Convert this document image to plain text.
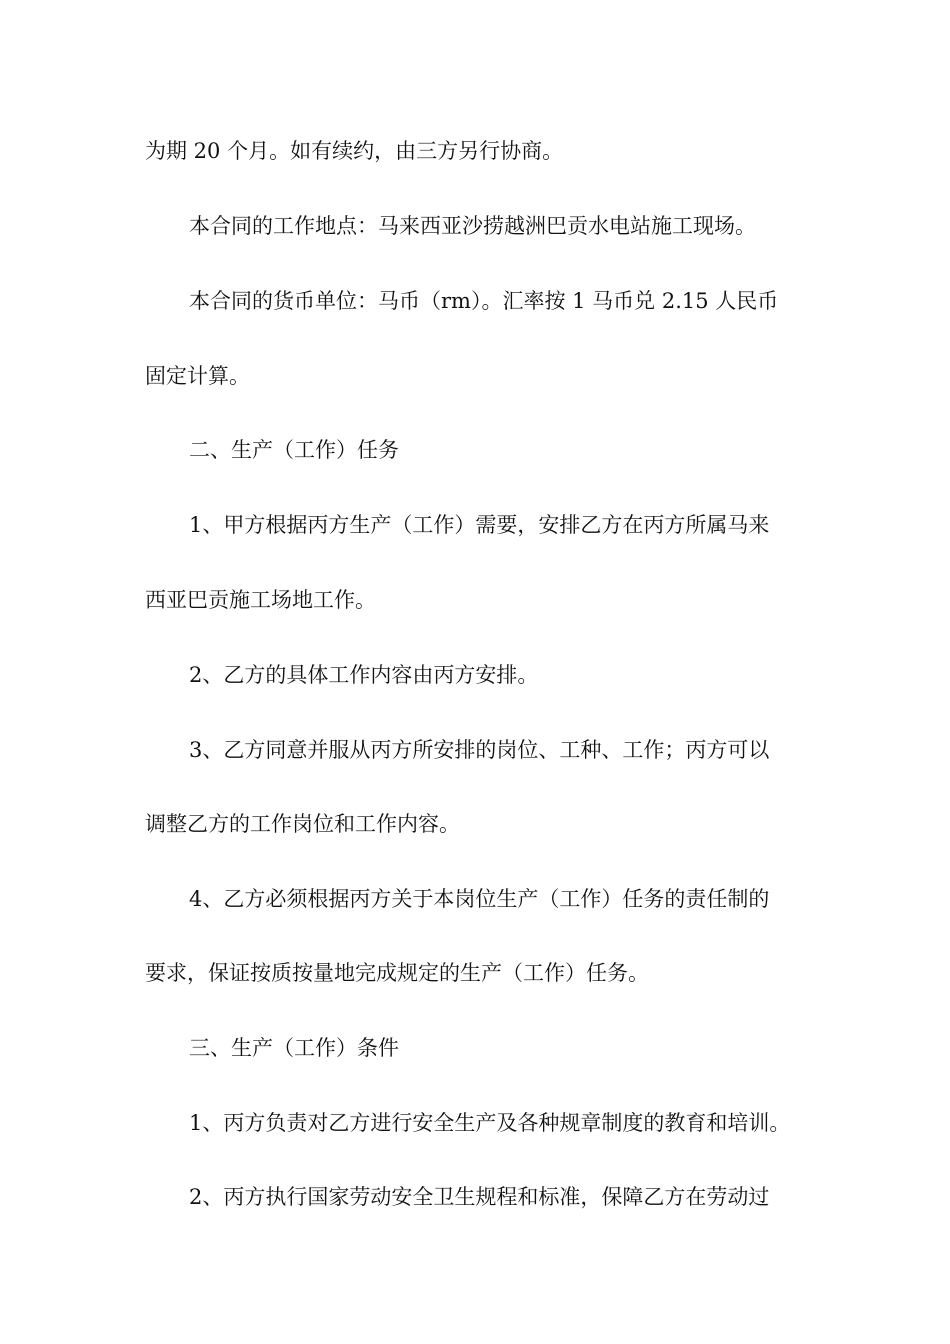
为期 20 个月。如有续约，由三方另行协商。
本合同的工作地点：马来西亚沙捞越洲巴贡水电站施工现场。
本合同的货币单位：马币（rm）。汇率按 1 马币兑 2.15 人民币
固定计算。
二、生产（工作）任务
1、甲方根据丙方生产（工作）需要，安排乙方在丙方所属马来
西亚巴贡施工场地工作。
2、乙方的具体工作内容由丙方安排。
3、乙方同意并服从丙方所安排的岗位、工种、工作；丙方可以
调整乙方的工作岗位和工作内容。
4、乙方必须根据丙方关于本岗位生产（工作）任务的责任制的
要求，保证按质按量地完成规定的生产（工作）任务。
三、生产（工作）条件
1、丙方负责对乙方进行安全生产及各种规章制度的教育和培训。
2、丙方执行国家劳动安全卫生规程和标准，保障乙方在劳动过
